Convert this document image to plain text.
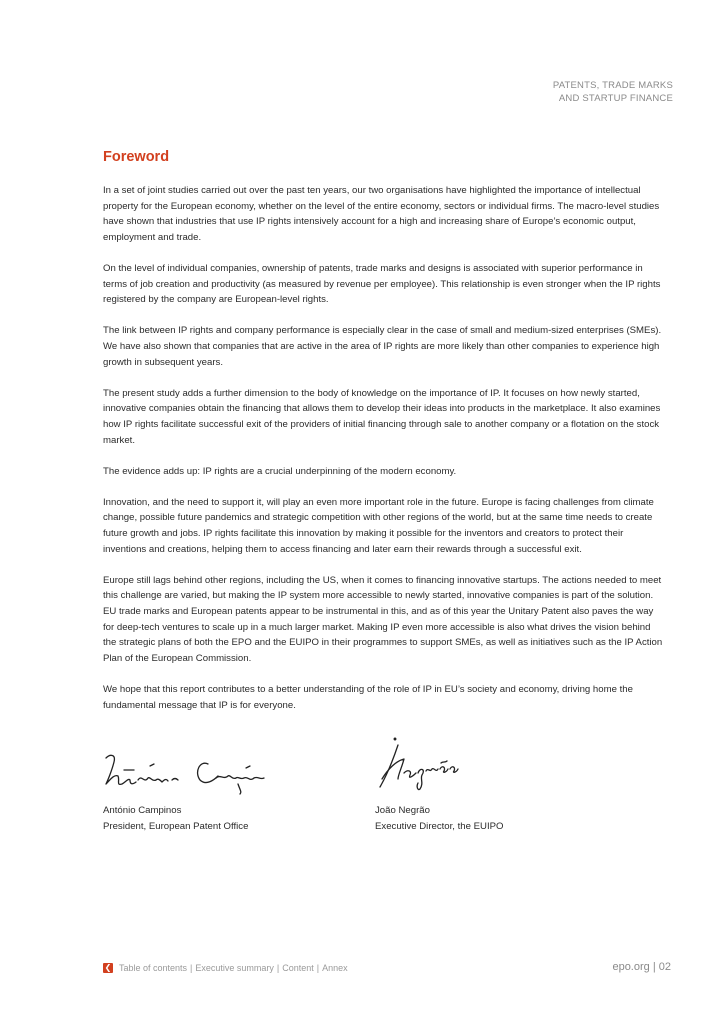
PATENTS, TRADE MARKS
AND STARTUP FINANCE
Foreword

In a set of joint studies carried out over the past ten years, our two organisations have highlighted the importance of intellectual property for the European economy, whether on the level of the entire economy, sectors or individual firms. The macro-level studies have shown that industries that use IP rights intensively account for a high and increasing share of Europe’s economic output, employment and trade.

On the level of individual companies, ownership of patents, trade marks and designs is associated with superior performance in terms of job creation and productivity (as measured by revenue per employee). This relationship is even stronger when the IP rights registered by the company are European-level rights.

The link between IP rights and company performance is especially clear in the case of small and medium-sized enterprises (SMEs). We have also shown that companies that are active in the area of IP rights are more likely than other companies to experience high growth in subsequent years.

The present study adds a further dimension to the body of knowledge on the importance of IP. It focuses on how newly started, innovative companies obtain the financing that allows them to develop their ideas into products in the marketplace. It also examines how IP rights facilitate successful exit of the providers of initial financing through sale to another company or a flotation on the stock market.

The evidence adds up: IP rights are a crucial underpinning of the modern economy.

Innovation, and the need to support it, will play an even more important role in the future. Europe is facing challenges from climate change, possible future pandemics and strategic competition with other regions of the world, but at the same time needs to create future growth and jobs. IP rights facilitate this innovation by making it possible for the inventors and creators to protect their inventions and creations, helping them to access financing and later earn their rewards through a successful exit.

Europe still lags behind other regions, including the US, when it comes to financing innovative startups. The actions needed to meet this challenge are varied, but making the IP system more accessible to newly started, innovative companies is part of the solution. EU trade marks and European patents appear to be instrumental in this, and as of this year the Unitary Patent also paves the way for deep-tech ventures to scale up in a much larger market. Making IP even more accessible is also what drives the vision behind the strategic plans of both the EPO and the EUIPO in their programmes to support SMEs, as well as initiatives such as the IP Action Plan of the European Commission.

We hope that this report contributes to a better understanding of the role of IP in EU’s society and economy, driving home the fundamental message that IP is for everyone.

António Campinos
President, European Patent Office
João Negrão
Executive Director, the EUIPO
❮ Table of contents | Executive summary | Content | Annex	epo.org | 02
